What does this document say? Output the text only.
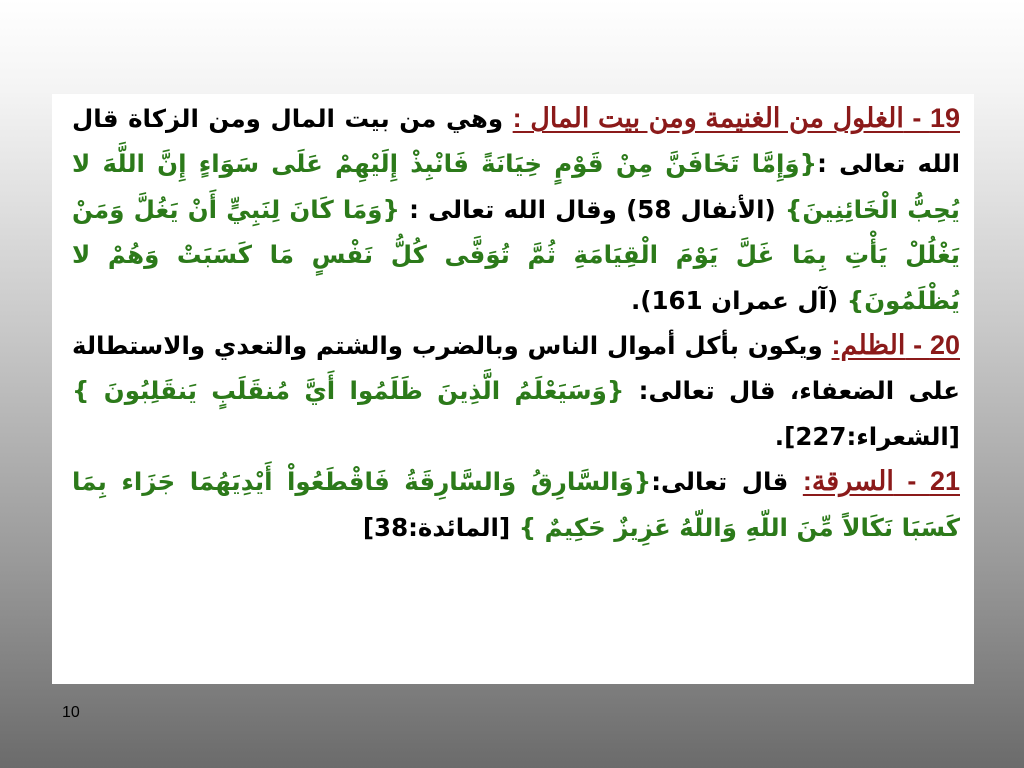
19 - الغلول من الغنيمة ومن بيت المال : وهي من بيت المال ومن الزكاة قال الله تعالى :{وَإِمَّا تَخَافَنَّ مِنْ قَوْمٍ خِيَانَةً فَانْبِذْ إِلَيْهِمْ عَلَى سَوَاءٍ إِنَّ اللَّهَ لا يُحِبُّ الْخَائِنِينَ} (الأنفال 58) وقال الله تعالى : {وَمَا كَانَ لِنَبِيٍّ أَنْ يَغُلَّ وَمَنْ يَغْلُلْ يَأْتِ بِمَا غَلَّ يَوْمَ الْقِيَامَةِ ثُمَّ تُوَفَّى كُلُّ نَفْسٍ مَا كَسَبَتْ وَهُمْ لا يُظْلَمُونَ} (آل عمران 161).

20 - الظلم: ويكون بأكل أموال الناس وبالضرب والشتم والتعدي والاستطالة على الضعفاء، قال تعالى: {وَسَيَعْلَمُ الَّذِينَ ظَلَمُوا أَيَّ مُنقَلَبٍ يَنقَلِبُونَ } [الشعراء:227].

21 - السرقة: قال تعالى:{وَالسَّارِقُ وَالسَّارِقَةُ فَاقْطَعُواْ أَيْدِيَهُمَا جَزَاء بِمَا كَسَبَا نَكَالاً مِّنَ اللّهِ وَاللّهُ عَزِيزٌ حَكِيمٌ } [المائدة:38]

10
